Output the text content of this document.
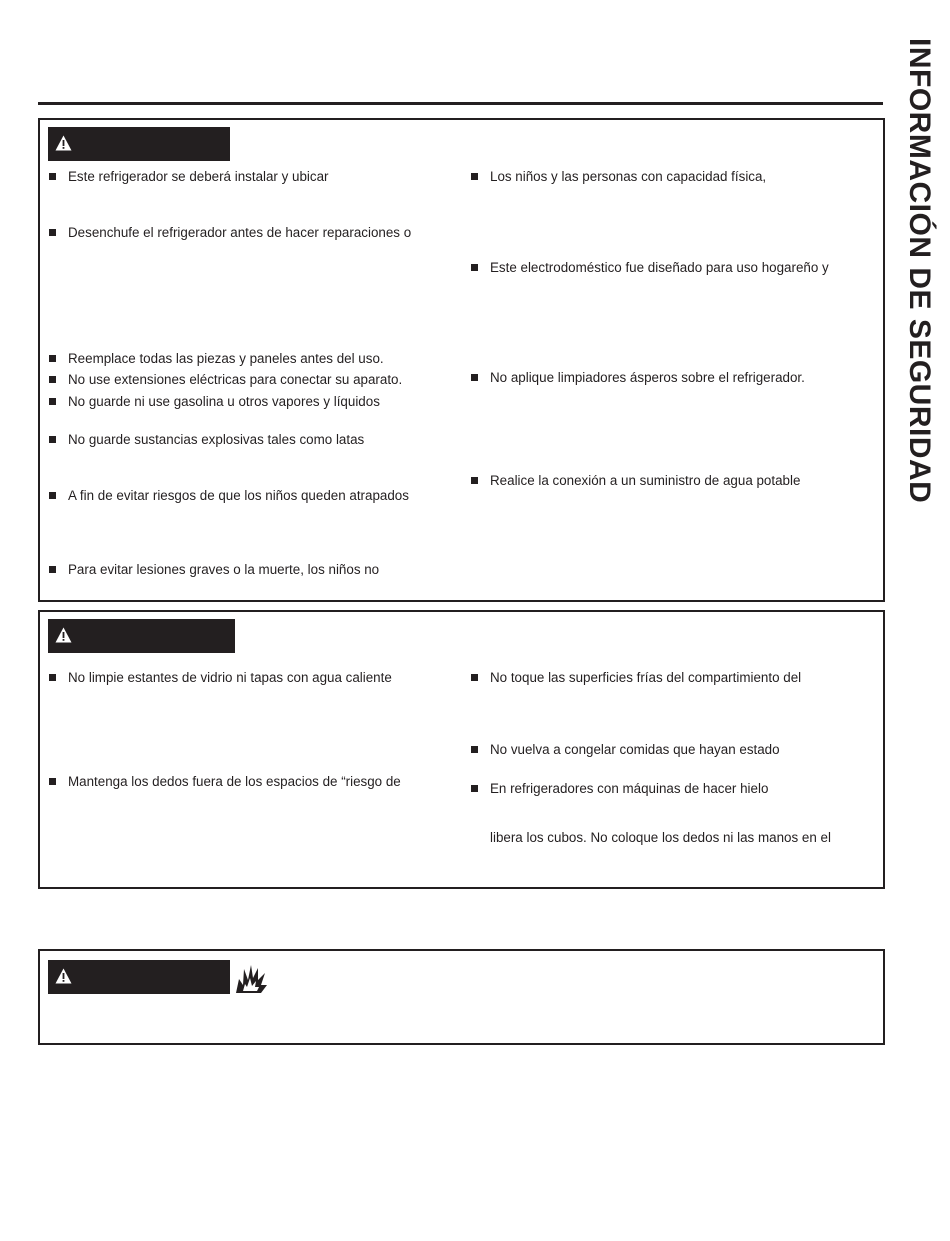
INFORMACIÓN DE SEGURIDAD
Este refrigerador se deberá instalar y ubicar
Desenchufe el refrigerador antes de hacer reparaciones o
Reemplace todas las piezas y paneles antes del uso.
No use extensiones eléctricas para conectar su aparato.
No guarde ni use gasolina u otros vapores y líquidos
No guarde sustancias explosivas tales como latas
A fin de evitar riesgos de que los niños queden atrapados
Para evitar lesiones graves o la muerte, los niños no
Los niños y las personas con capacidad física,
Este electrodoméstico fue diseñado para uso hogareño y
No aplique limpiadores ásperos sobre el refrigerador.
Realice la conexión a un suministro de agua potable
No limpie estantes de vidrio ni tapas con agua caliente
Mantenga los dedos fuera de los espacios de “riesgo de
No toque las superficies frías del compartimiento del
No vuelva a congelar comidas que hayan estado
En refrigeradores con máquinas de hacer hielo
libera los cubos. No coloque los dedos ni las manos en el
